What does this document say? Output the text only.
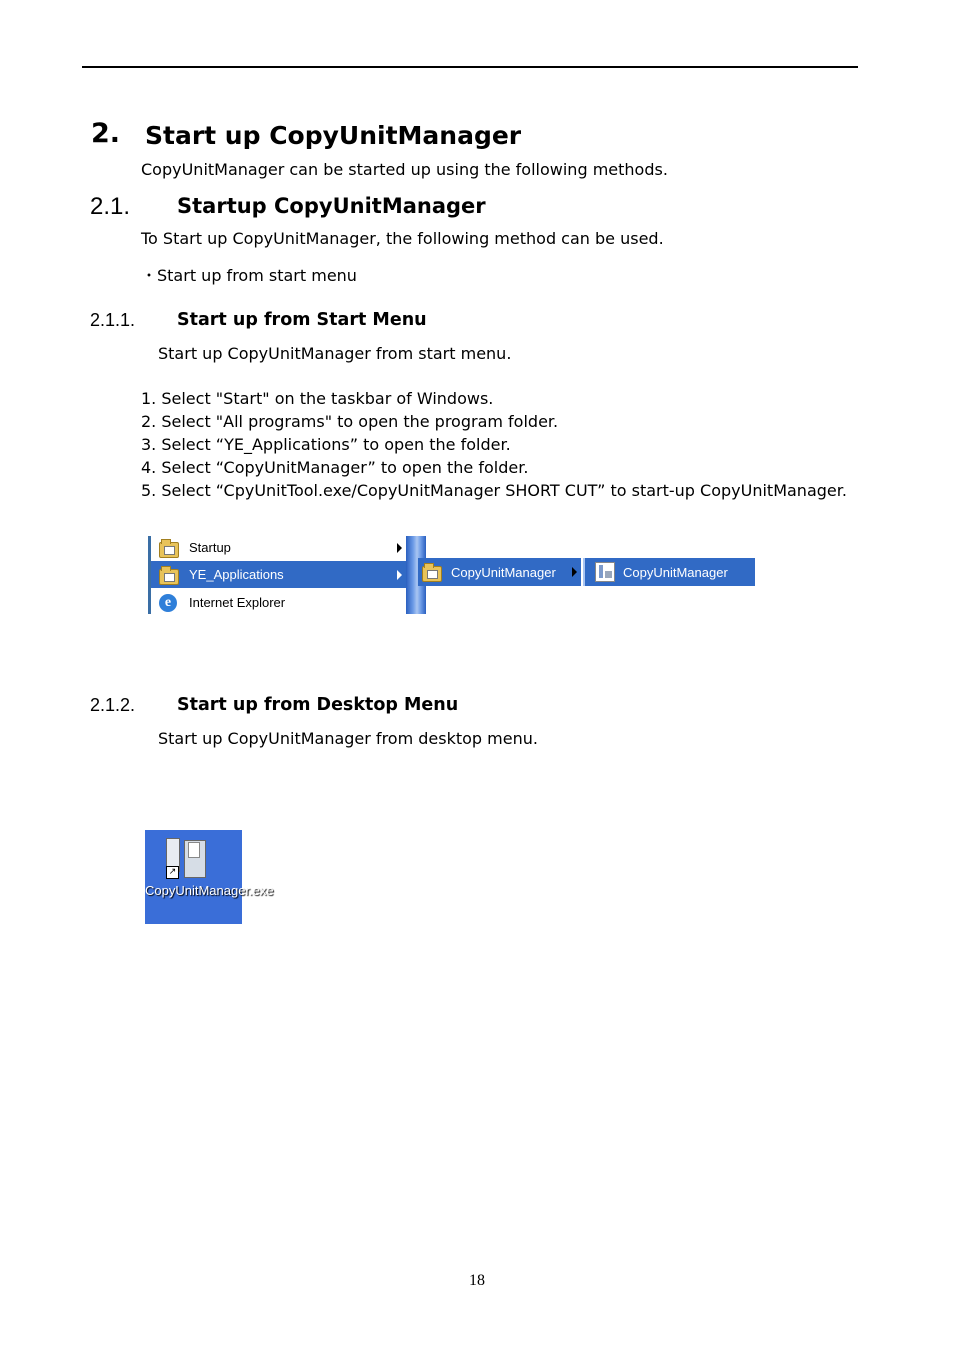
2. Start up CopyUnitManager
CopyUnitManager can be started up using the following methods.
2.1. Startup CopyUnitManager
To Start up CopyUnitManager, the following method can be used.
・Start up from start menu
2.1.1. Start up from Start Menu
Start up CopyUnitManager from start menu.
1. Select "Start" on the taskbar of Windows.
2. Select "All programs" to open the program folder.
3. Select “YE_Applications” to open the folder.
4. Select “CopyUnitManager” to open the folder.
5. Select “CpyUnitTool.exe/CopyUnitManager SHORT CUT” to start-up CopyUnitManager.
Startup
YE_Applications
e	Internet Explorer
CopyUnitManager	CopyUnitManager
2.1.2. Start up from Desktop Menu
Start up CopyUnitManager from desktop menu.
↗
CopyUnitManager.exe
18
